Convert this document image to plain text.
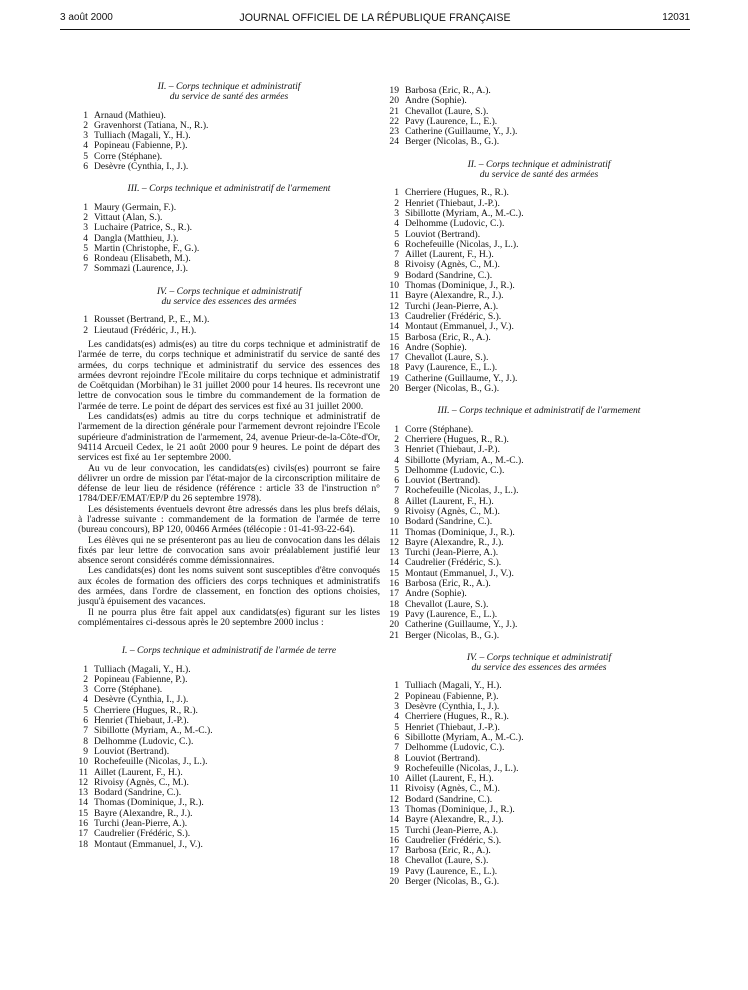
3 août 2000	JOURNAL OFFICIEL DE LA RÉPUBLIQUE FRANÇAISE	12031

II. – Corps technique et administratif
du service de santé des armées

1 Arnaud (Mathieu).
2 Gravenhorst (Tatiana, N., R.).
3 Tulliach (Magali, Y., H.).
4 Popineau (Fabienne, P.).
5 Corre (Stéphane).
6 Desèvre (Cynthia, I., J.).

III. – Corps technique et administratif de l'armement

1 Maury (Germain, F.).
2 Vittaut (Alan, S.).
3 Luchaire (Patrice, S., R.).
4 Dangla (Matthieu, J.).
5 Martin (Christophe, F., G.).
6 Rondeau (Elisabeth, M.).
7 Sommazi (Laurence, J.).

IV. – Corps technique et administratif
du service des essences des armées

1 Rousset (Bertrand, P., E., M.).
2 Lieutaud (Frédéric, J., H.).

Les candidats(es) admis(es) au titre du corps technique et administratif de l'armée de terre, du corps technique et administratif du service de santé des armées, du corps technique et administratif du service des essences des armées devront rejoindre l'Ecole militaire du corps technique et administratif de Coëtquidan (Morbihan) le 31 juillet 2000 pour 14 heures. Ils recevront une lettre de convocation sous le timbre du commandement de la formation de l'armée de terre. Le point de départ des services est fixé au 31 juillet 2000.

Les candidats(es) admis au titre du corps technique et administratif de l'armement de la direction générale pour l'armement devront rejoindre l'Ecole supérieure d'administration de l'armement, 24, avenue Prieur-de-la-Côte-d'Or, 94114 Arcueil Cedex, le 21 août 2000 pour 9 heures. Le point de départ des services est fixé au 1er septembre 2000.

Au vu de leur convocation, les candidats(es) civils(es) pourront se faire délivrer un ordre de mission par l'état-major de la circonscription militaire de défense de leur lieu de résidence (référence : article 33 de l'instruction n° 1784/DEF/EMAT/EP/P du 26 septembre 1978).

Les désistements éventuels devront être adressés dans les plus brefs délais, à l'adresse suivante : commandement de la formation de l'armée de terre (bureau concours), BP 120, 00466 Armées (télécopie : 01-41-93-22-64).

Les élèves qui ne se présenteront pas au lieu de convocation dans les délais fixés par leur lettre de convocation sans avoir préalablement justifié leur absence seront considérés comme démissionnaires.

Les candidats(es) dont les noms suivent sont susceptibles d'être convoqués aux écoles de formation des officiers des corps techniques et administratifs des armées, dans l'ordre de classement, en fonction des options choisies, jusqu'à épuisement des vacances.

Il ne pourra plus être fait appel aux candidats(es) figurant sur les listes complémentaires ci-dessous après le 20 septembre 2000 inclus :

I. – Corps technique et administratif de l'armée de terre

1 Tulliach (Magali, Y., H.).
2 Popineau (Fabienne, P.).
3 Corre (Stéphane).
4 Desèvre (Cynthia, I., J.).
5 Cherriere (Hugues, R., R.).
6 Henriet (Thiebaut, J.-P.).
7 Sibillotte (Myriam, A., M.-C.).
8 Delhomme (Ludovic, C.).
9 Louviot (Bertrand).
10 Rochefeuille (Nicolas, J., L.).
11 Aillet (Laurent, F., H.).
12 Rivoisy (Agnès, C., M.).
13 Bodard (Sandrine, C.).
14 Thomas (Dominique, J., R.).
15 Bayre (Alexandre, R., J.).
16 Turchi (Jean-Pierre, A.).
17 Caudrelier (Frédéric, S.).
18 Montaut (Emmanuel, J., V.).
19 Barbosa (Eric, R., A.).
20 Andre (Sophie).
21 Chevallot (Laure, S.).
22 Pavy (Laurence, L., E.).
23 Catherine (Guillaume, Y., J.).
24 Berger (Nicolas, B., G.).

II. – Corps technique et administratif
du service de santé des armées

1 Cherriere (Hugues, R., R.).
2 Henriet (Thiebaut, J.-P.).
3 Sibillotte (Myriam, A., M.-C.).
4 Delhomme (Ludovic, C.).
5 Louviot (Bertrand).
6 Rochefeuille (Nicolas, J., L.).
7 Aillet (Laurent, F., H.).
8 Rivoisy (Agnès, C., M.).
9 Bodard (Sandrine, C.).
10 Thomas (Dominique, J., R.).
11 Bayre (Alexandre, R., J.).
12 Turchi (Jean-Pierre, A.).
13 Caudrelier (Frédéric, S.).
14 Montaut (Emmanuel, J., V.).
15 Barbosa (Eric, R., A.).
16 Andre (Sophie).
17 Chevallot (Laure, S.).
18 Pavy (Laurence, E., L.).
19 Catherine (Guillaume, Y., J.).
20 Berger (Nicolas, B., G.).

III. – Corps technique et administratif de l'armement

1 Corre (Stéphane).
2 Cherriere (Hugues, R., R.).
3 Henriet (Thiebaut, J.-P.).
4 Sibillotte (Myriam, A., M.-C.).
5 Delhomme (Ludovic, C.).
6 Louviot (Bertrand).
7 Rochefeuille (Nicolas, J., L.).
8 Aillet (Laurent, F., H.).
9 Rivoisy (Agnès, C., M.).
10 Bodard (Sandrine, C.).
11 Thomas (Dominique, J., R.).
12 Bayre (Alexandre, R., J.).
13 Turchi (Jean-Pierre, A.).
14 Caudrelier (Frédéric, S.).
15 Montaut (Emmanuel, J., V.).
16 Barbosa (Eric, R., A.).
17 Andre (Sophie).
18 Chevallot (Laure, S.).
19 Pavy (Laurence, E., L.).
20 Catherine (Guillaume, Y., J.).
21 Berger (Nicolas, B., G.).

IV. – Corps technique et administratif
du service des essences des armées

1 Tulliach (Magali, Y., H.).
2 Popineau (Fabienne, P.).
3 Desèvre (Cynthia, I., J.).
4 Cherriere (Hugues, R., R.).
5 Henriet (Thiebaut, J.-P.).
6 Sibillotte (Myriam, A., M.-C.).
7 Delhomme (Ludovic, C.).
8 Louviot (Bertrand).
9 Rochefeuille (Nicolas, J., L.).
10 Aillet (Laurent, F., H.).
11 Rivoisy (Agnès, C., M.).
12 Bodard (Sandrine, C.).
13 Thomas (Dominique, J., R.).
14 Bayre (Alexandre, R., J.).
15 Turchi (Jean-Pierre, A.).
16 Caudrelier (Frédéric, S.).
17 Barbosa (Eric, R., A.).
18 Chevallot (Laure, S.).
19 Pavy (Laurence, E., L.).
20 Berger (Nicolas, B., G.).
